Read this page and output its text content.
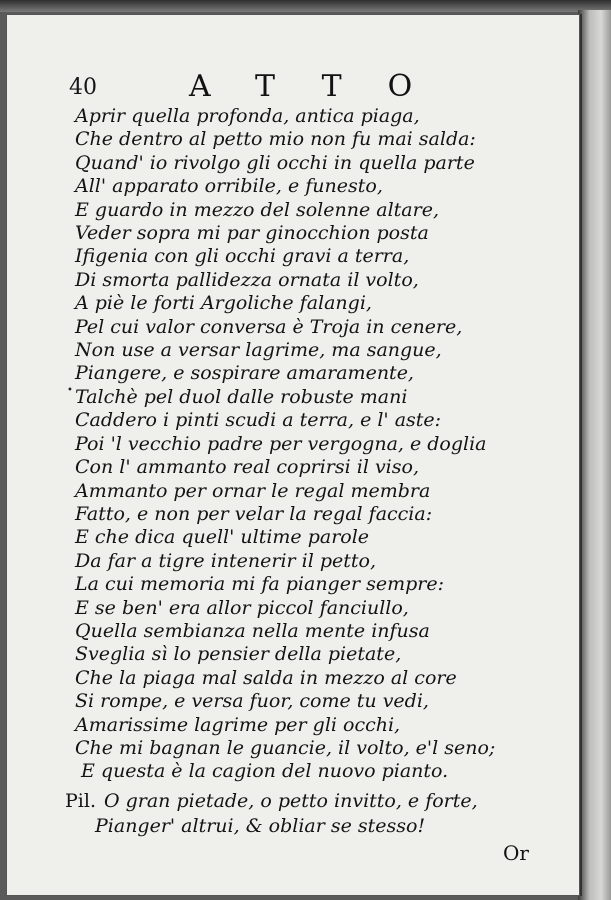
40	ATTO
Aprir quella profonda, antica piaga,
Che dentro al petto mio non fu mai salda:
Quand' io rivolgo gli occhi in quella parte
All' apparato orribile, e funesto,
E guardo in mezzo del solenne altare,
Veder sopra mi par ginocchion posta
Ifigenia con gli occhi gravi a terra,
Di smorta pallidezza ornata il volto,
A piè le forti Argoliche falangi,
Pel cui valor conversa è Troja in cenere,
Non use a versar lagrime, ma sangue,
Piangere, e sospirare amaramente,
Talchè pel duol dalle robuste mani
Caddero i pinti scudi a terra, e l' aste:
Poi 'l vecchio padre per vergogna, e doglia
Con l' ammanto real coprirsi il viso,
Ammanto per ornar le regal membra
Fatto, e non per velar la regal faccia:
E che dica quell' ultime parole
Da far a tigre intenerir il petto,
La cui memoria mi fa pianger sempre:
E se ben' era allor piccol fanciullo,
Quella sembianza nella mente infusa
Sveglia sì lo pensier della pietate,
Che la piaga mal salda in mezzo al core
Si rompe, e versa fuor, come tu vedi,
Amarissime lagrime per gli occhi,
Che mi bagnan le guancie, il volto, e'l seno;
E questa è la cagion del nuovo pianto.
•
Pil. O gran pietade, o petto invitto, e forte,
Pianger' altrui, & obliar se stesso!
Or
